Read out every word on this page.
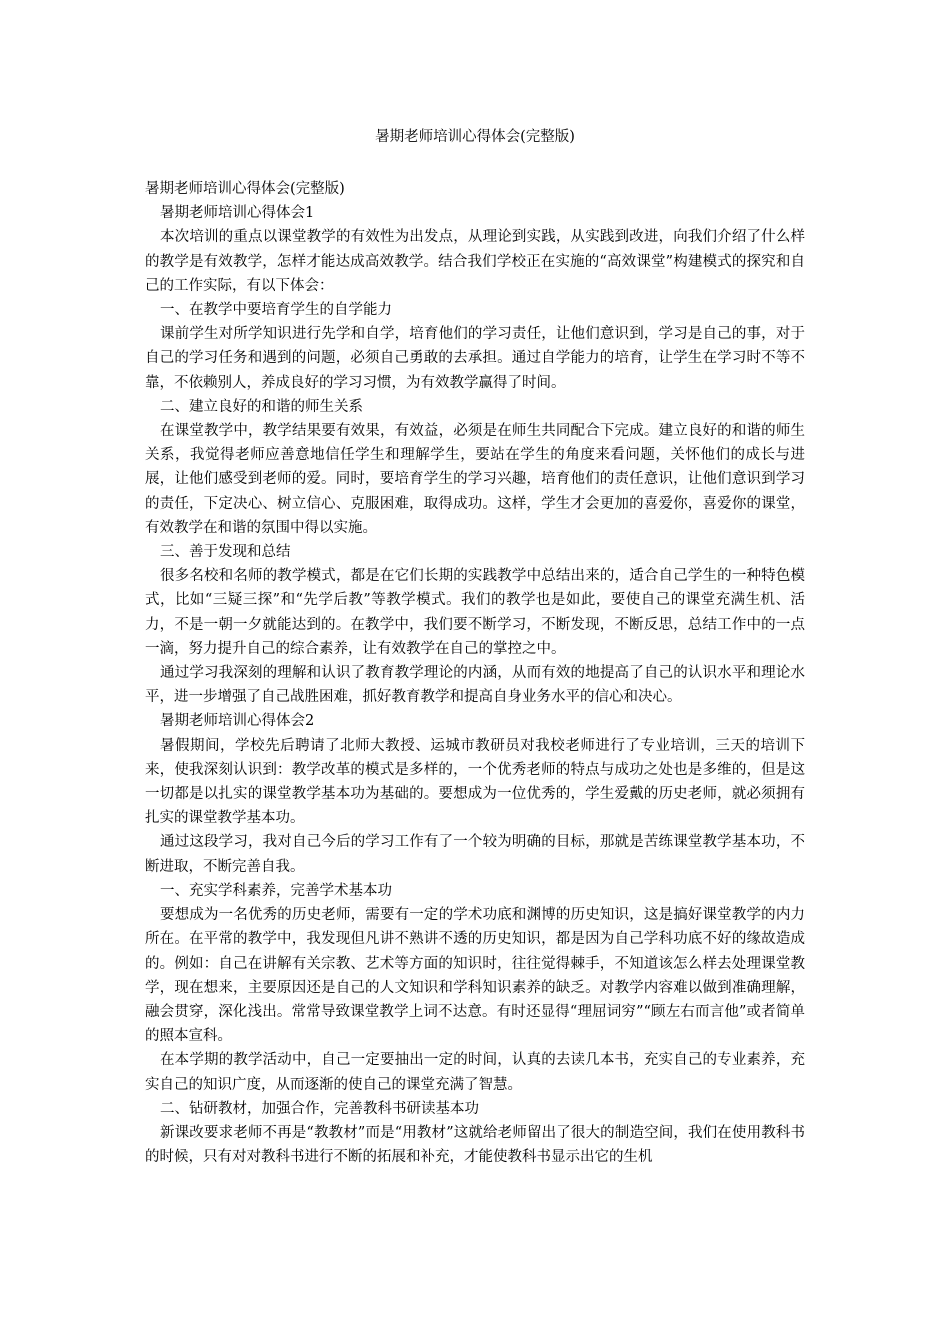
暑期老师培训心得体会(完整版)

暑期老师培训心得体会(完整版)

暑期老师培训心得体会1

本次培训的重点以课堂教学的有效性为出发点，从理论到实践，从实践到改进，向我们介绍了什么样的教学是有效教学，怎样才能达成高效教学。结合我们学校正在实施的“高效课堂”构建模式的探究和自己的工作实际，有以下体会：

一、在教学中要培育学生的自学能力

课前学生对所学知识进行先学和自学，培育他们的学习责任，让他们意识到，学习是自己的事，对于自己的学习任务和遇到的问题，必须自己勇敢的去承担。通过自学能力的培育，让学生在学习时不等不靠，不依赖别人，养成良好的学习习惯，为有效教学赢得了时间。

二、建立良好的和谐的师生关系

在课堂教学中，教学结果要有效果，有效益，必须是在师生共同配合下完成。建立良好的和谐的师生关系，我觉得老师应善意地信任学生和理解学生，要站在学生的角度来看问题，关怀他们的成长与进展，让他们感受到老师的爱。同时，要培育学生的学习兴趣，培育他们的责任意识，让他们意识到学习的责任，下定决心、树立信心、克服困难，取得成功。这样，学生才会更加的喜爱你，喜爱你的课堂，有效教学在和谐的氛围中得以实施。

三、善于发现和总结

很多名校和名师的教学模式，都是在它们长期的实践教学中总结出来的，适合自己学生的一种特色模式，比如“三疑三探”和“先学后教”等教学模式。我们的教学也是如此，要使自己的课堂充满生机、活力，不是一朝一夕就能达到的。在教学中，我们要不断学习，不断发现，不断反思，总结工作中的一点一滴，努力提升自己的综合素养，让有效教学在自己的掌控之中。

通过学习我深刻的理解和认识了教育教学理论的内涵，从而有效的地提高了自己的认识水平和理论水平，进一步增强了自己战胜困难，抓好教育教学和提高自身业务水平的信心和决心。

暑期老师培训心得体会2

暑假期间，学校先后聘请了北师大教授、运城市教研员对我校老师进行了专业培训，三天的培训下来，使我深刻认识到：教学改革的模式是多样的，一个优秀老师的特点与成功之处也是多维的，但是这一切都是以扎实的课堂教学基本功为基础的。要想成为一位优秀的，学生爱戴的历史老师，就必须拥有扎实的课堂教学基本功。

通过这段学习，我对自己今后的学习工作有了一个较为明确的目标，那就是苦练课堂教学基本功，不断进取，不断完善自我。

一、充实学科素养，完善学术基本功

要想成为一名优秀的历史老师，需要有一定的学术功底和渊博的历史知识，这是搞好课堂教学的内力所在。在平常的教学中，我发现但凡讲不熟讲不透的历史知识，都是因为自己学科功底不好的缘故造成的。例如：自己在讲解有关宗教、艺术等方面的知识时，往往觉得棘手，不知道该怎么样去处理课堂教学，现在想来，主要原因还是自己的人文知识和学科知识素养的缺乏。对教学内容难以做到准确理解，融会贯穿，深化浅出。常常导致课堂教学上词不达意。有时还显得“理屈词穷”“顾左右而言他”或者简单的照本宣科。

在本学期的教学活动中，自己一定要抽出一定的时间，认真的去读几本书，充实自己的专业素养，充实自己的知识广度，从而逐渐的使自己的课堂充满了智慧。

二、钻研教材，加强合作，完善教科书研读基本功

新课改要求老师不再是“教教材”而是“用教材”这就给老师留出了很大的制造空间，我们在使用教科书的时候，只有对对教科书进行不断的拓展和补充，才能使教科书显示出它的生机
